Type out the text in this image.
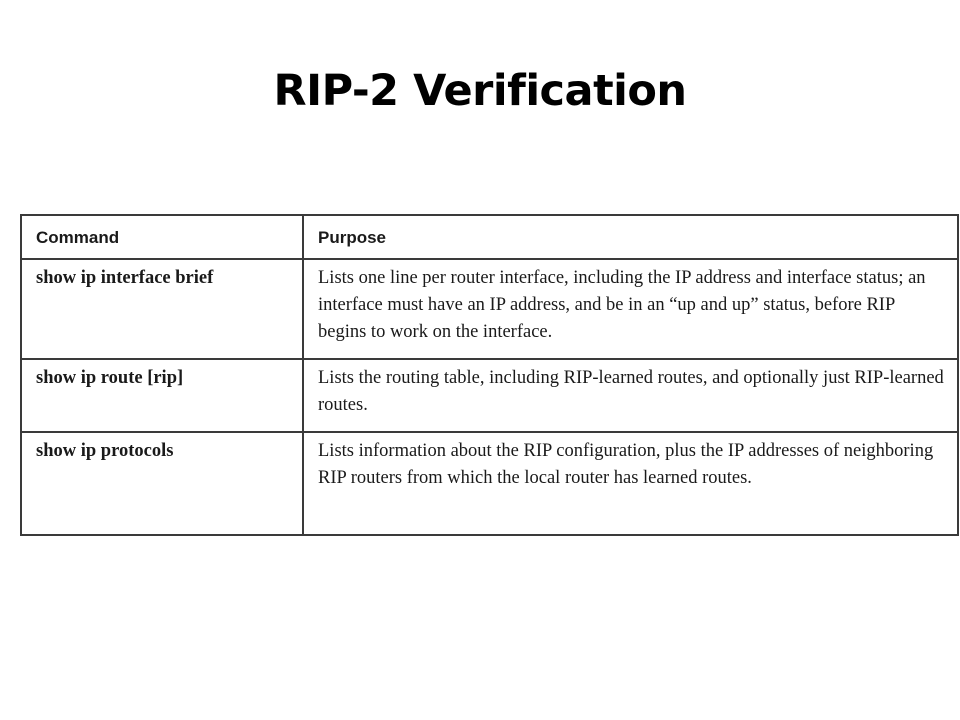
RIP-2 Verification
Command	Purpose
show ip interface brief	Lists one line per router interface, including the IP address and interface status; an interface must have an IP address, and be in an “up and up” status, before RIP begins to work on the interface.
show ip route [rip]	Lists the routing table, including RIP-learned routes, and optionally just RIP-learned routes.
show ip protocols	Lists information about the RIP configuration, plus the IP addresses of neighboring RIP routers from which the local router has learned routes.
